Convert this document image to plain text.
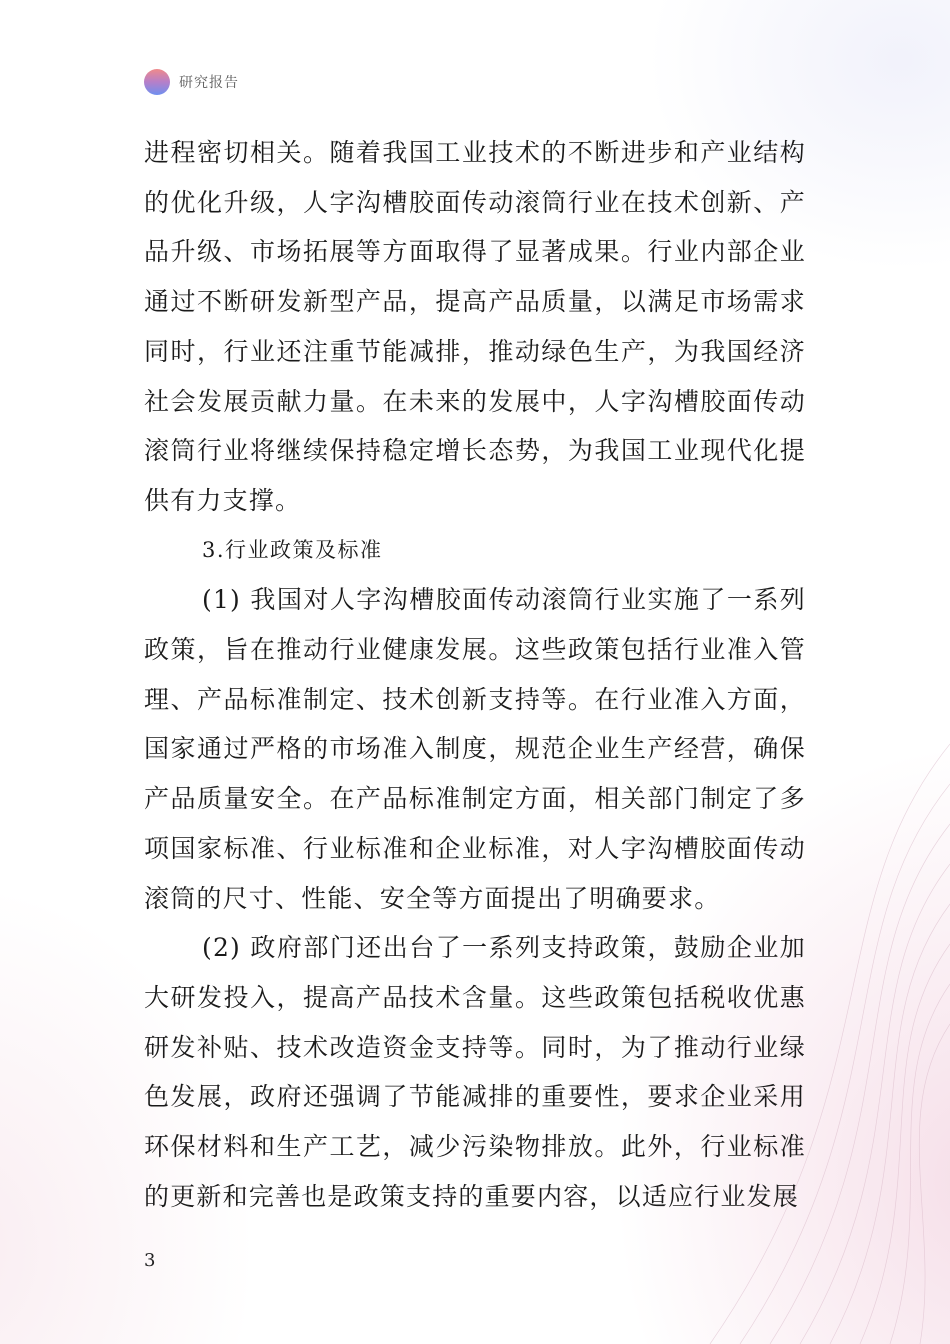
研究报告

进程密切相关。随着我国工业技术的不断进步和产业结构的优化升级，人字沟槽胶面传动滚筒行业在技术创新、产品升级、市场拓展等方面取得了显著成果。行业内部企业通过不断研发新型产品，提高产品质量，以满足市场需求同时，行业还注重节能减排，推动绿色生产，为我国经济社会发展贡献力量。在未来的发展中，人字沟槽胶面传动滚筒行业将继续保持稳定增长态势，为我国工业现代化提供有力支撑。

3.行业政策及标准

(1) 我国对人字沟槽胶面传动滚筒行业实施了一系列政策，旨在推动行业健康发展。这些政策包括行业准入管理、产品标准制定、技术创新支持等。在行业准入方面，国家通过严格的市场准入制度，规范企业生产经营，确保产品质量安全。在产品标准制定方面，相关部门制定了多项国家标准、行业标准和企业标准，对人字沟槽胶面传动滚筒的尺寸、性能、安全等方面提出了明确要求。

(2) 政府部门还出台了一系列支持政策，鼓励企业加大研发投入，提高产品技术含量。这些政策包括税收优惠研发补贴、技术改造资金支持等。同时，为了推动行业绿色发展，政府还强调了节能减排的重要性，要求企业采用环保材料和生产工艺，减少污染物排放。此外，行业标准的更新和完善也是政策支持的重要内容，以适应行业发展

3
